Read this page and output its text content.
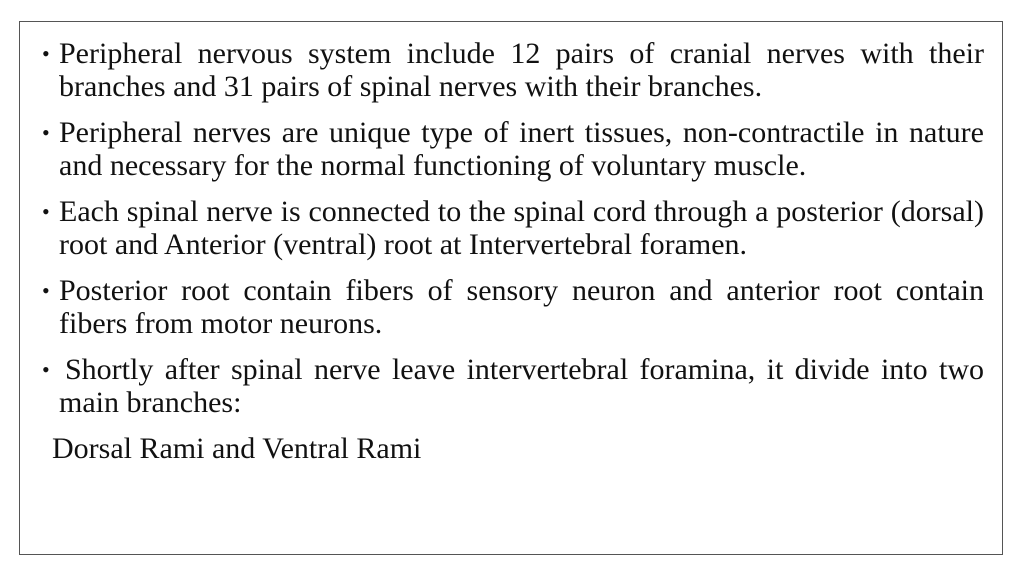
• Peripheral nervous system include 12 pairs of cranial nerves with their branches and 31 pairs of spinal nerves with their branches.
• Peripheral nerves are unique type of inert tissues, non-contractile in nature and necessary for the normal functioning of voluntary muscle.
• Each spinal nerve is connected to the spinal cord through a posterior (dorsal) root and Anterior (ventral) root at Intervertebral foramen.
• Posterior root contain fibers of sensory neuron and anterior root contain fibers from motor neurons.
• Shortly after spinal nerve leave intervertebral foramina, it divide into two main branches:
Dorsal Rami and Ventral Rami
